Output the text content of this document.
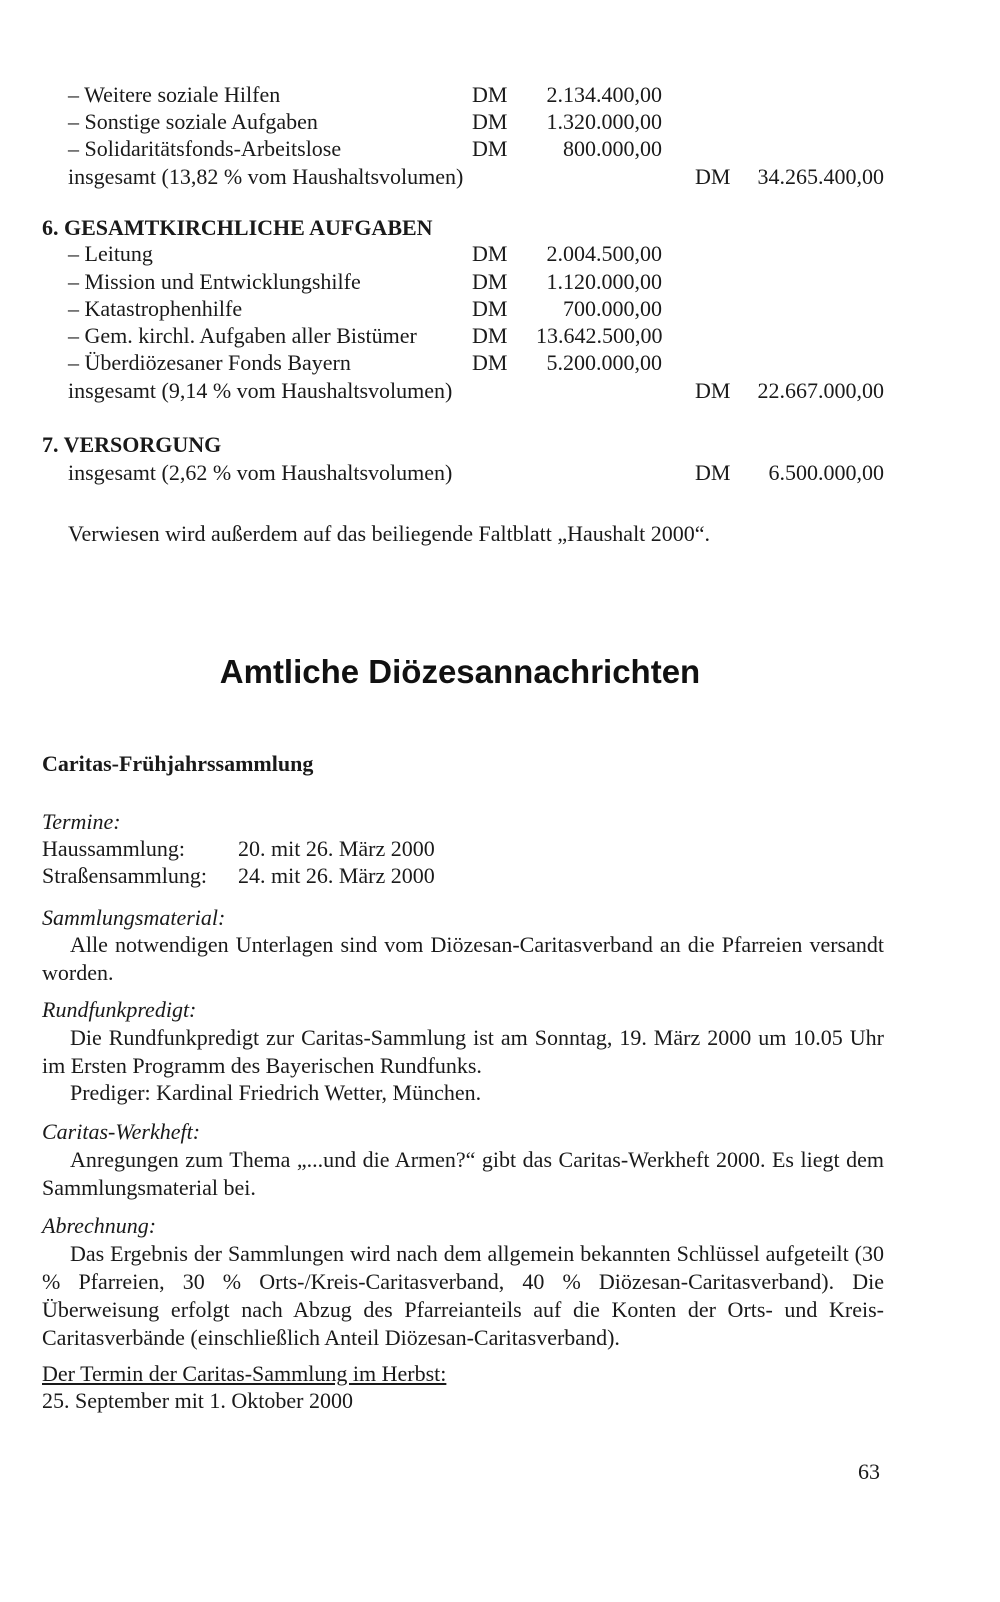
– Weitere soziale Hilfen	DM	2.134.400,00
– Sonstige soziale Aufgaben	DM	1.320.000,00
– Solidaritätsfonds-Arbeitslose	DM	800.000,00
insgesamt (13,82 % vom Haushaltsvolumen)	DM	34.265.400,00
6. GESAMTKIRCHLICHE AUFGABEN
– Leitung	DM	2.004.500,00
– Mission und Entwicklungshilfe	DM	1.120.000,00
– Katastrophenhilfe	DM	700.000,00
– Gem. kirchl. Aufgaben aller Bistümer	DM 13.642.500,00
– Überdiözesaner Fonds Bayern	DM	5.200.000,00
insgesamt (9,14 % vom Haushaltsvolumen)	DM	22.667.000,00
7. VERSORGUNG
insgesamt (2,62 % vom Haushaltsvolumen)	DM	6.500.000,00
Verwiesen wird außerdem auf das beiliegende Faltblatt „Haushalt 2000“.
Amtliche Diözesannachrichten
Caritas-Frühjahrssammlung
Termine:
Haussammlung: 20. mit 26. März 2000
Straßensammlung: 24. mit 26. März 2000
Sammlungsmaterial:
Alle notwendigen Unterlagen sind vom Diözesan-Caritasverband an die Pfarreien versandt worden.
Rundfunkpredigt:
Die Rundfunkpredigt zur Caritas-Sammlung ist am Sonntag, 19. März 2000 um 10.05 Uhr im Ersten Programm des Bayerischen Rundfunks.
Prediger: Kardinal Friedrich Wetter, München.
Caritas-Werkheft:
Anregungen zum Thema „...und die Armen?“ gibt das Caritas-Werkheft 2000. Es liegt dem Sammlungsmaterial bei.
Abrechnung:
Das Ergebnis der Sammlungen wird nach dem allgemein bekannten Schlüssel aufgeteilt (30 % Pfarreien, 30 % Orts-/Kreis-Caritasverband, 40 % Diözesan-Caritasverband). Die Überweisung erfolgt nach Abzug des Pfarreianteils auf die Konten der Orts- und Kreis-Caritasverbände (einschließlich Anteil Diözesan-Caritasverband).
Der Termin der Caritas-Sammlung im Herbst:
25. September mit 1. Oktober 2000
63
